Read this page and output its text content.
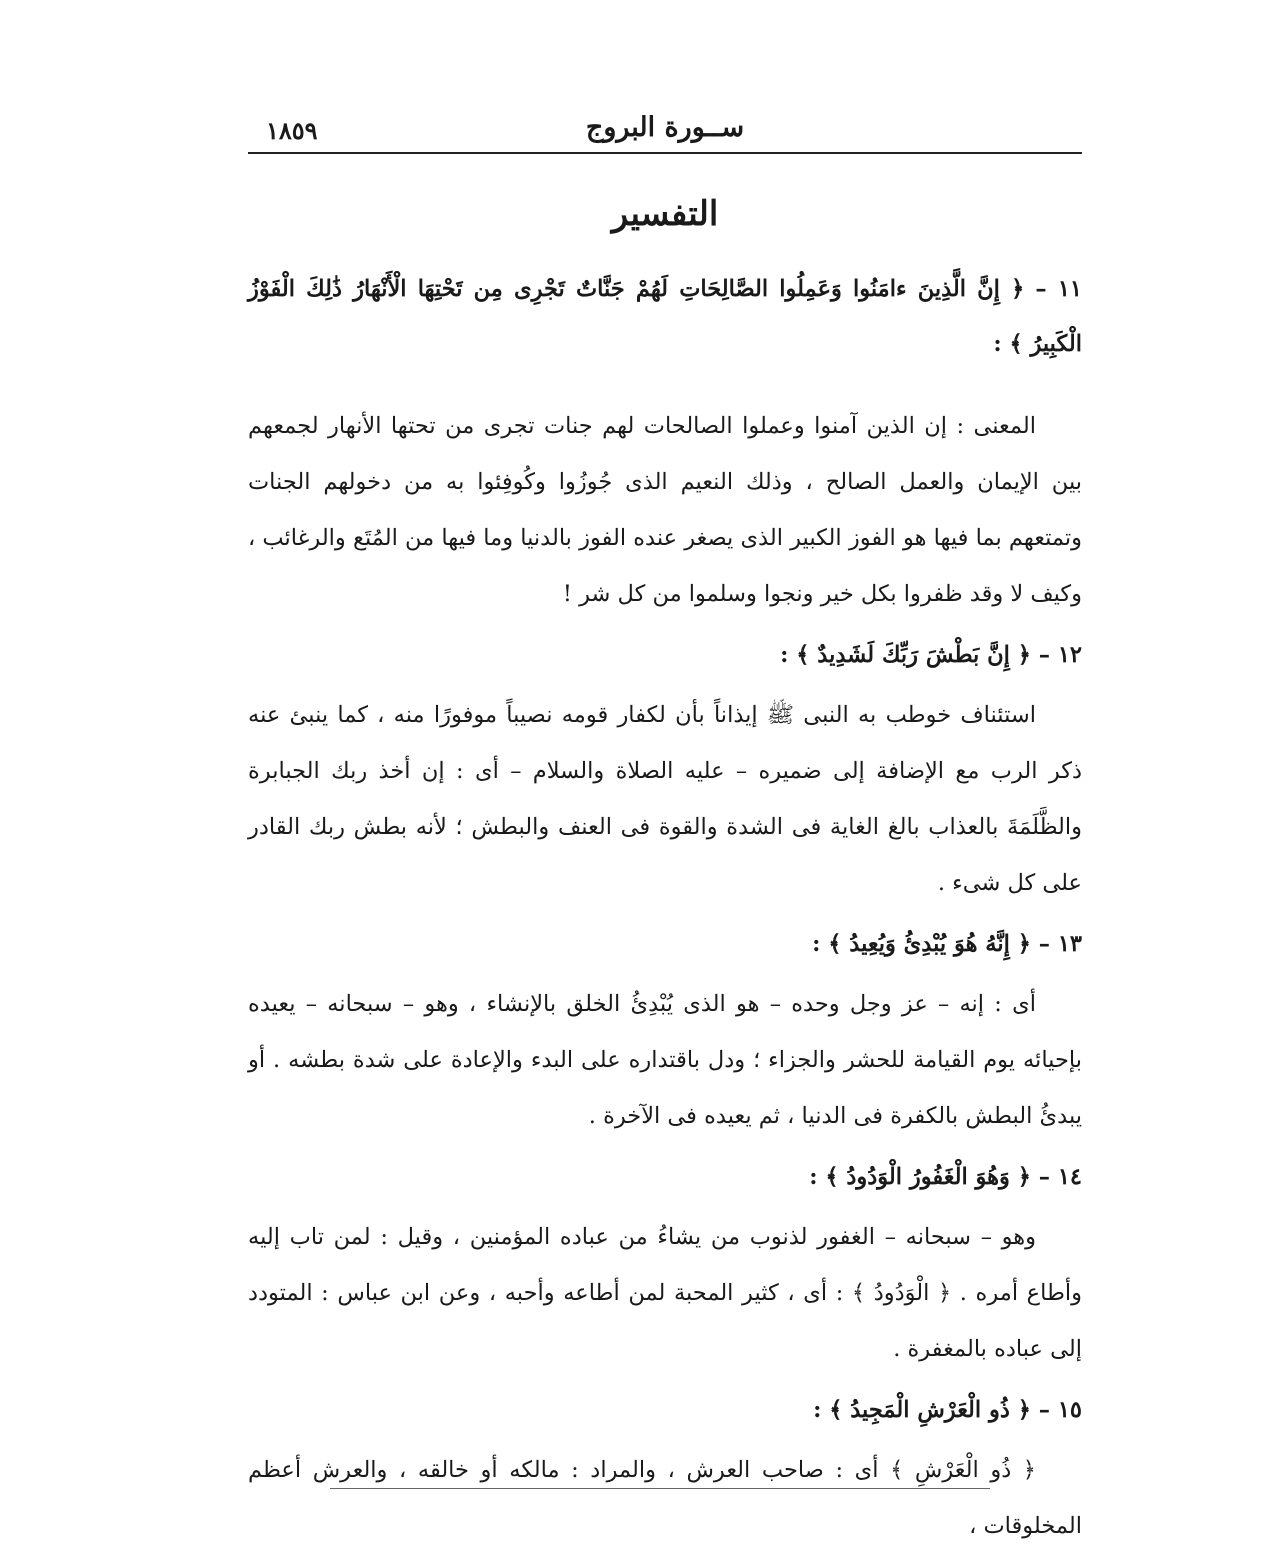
ســورة البروج
١٨٥٩
التفسير
١١ – ﴿ إِنَّ الَّذِينَ ءامَنُوا وَعَمِلُوا الصَّالِحَاتِ لَهُمْ جَنَّاتٌ تَجْرِى مِن تَحْتِهَا الْأَنْهَارُ ذَٰلِكَ الْفَوْزُ الْكَبِيرُ ﴾ :
المعنى : إن الذين آمنوا وعملوا الصالحات لهم جنات تجرى من تحتها الأنهار لجمعهم بين الإيمان والعمل الصالح ، وذلك النعيم الذى جُوزُوا وكُوفِئوا به من دخولهم الجنات وتمتعهم بما فيها هو الفوز الكبير الذى يصغر عنده الفوز بالدنيا وما فيها من المُتَع والرغائب ، وكيف لا وقد ظفروا بكل خير ونجوا وسلموا من كل شر !
١٢ – ﴿ إِنَّ بَطْشَ رَبِّكَ لَشَدِيدٌ ﴾ :
استئناف خوطب به النبى ﷺ إيذاناً بأن لكفار قومه نصيباً موفورًا منه ، كما ينبئ عنه ذكر الرب مع الإضافة إلى ضميره – عليه الصلاة والسلام – أى : إن أخذ ربك الجبابرة والظَّلَمَةَ بالعذاب بالغ الغاية فى الشدة والقوة فى العنف والبطش ؛ لأنه بطش ربك القادر على كل شىء .
١٣ – ﴿ إِنَّهُ هُوَ يُبْدِئُ وَيُعِيدُ ﴾ :
أى : إنه – عز وجل وحده – هو الذى يُبْدِئُ الخلق بالإنشاء ، وهو – سبحانه – يعيده بإحيائه يوم القيامة للحشر والجزاء ؛ ودل باقتداره على البدء والإعادة على شدة بطشه . أو يبدئُ البطش بالكفرة فى الدنيا ، ثم يعيده فى الآخرة .
١٤ – ﴿ وَهُوَ الْغَفُورُ الْوَدُودُ ﴾ :
وهو – سبحانه – الغفور لذنوب من يشاءُ من عباده المؤمنين ، وقيل : لمن تاب إليه وأطاع أمره . ﴿ الْوَدُودُ ﴾ : أى ، كثير المحبة لمن أطاعه وأحبه ، وعن ابن عباس : المتودد إلى عباده بالمغفرة .
١٥ – ﴿ ذُو الْعَرْشِ الْمَجِيدُ ﴾ :
﴿ ذُو الْعَرْشِ ﴾ أى : صاحب العرش ، والمراد : مالكه أو خالقه ، والعرش أعظم المخلوقات ،
